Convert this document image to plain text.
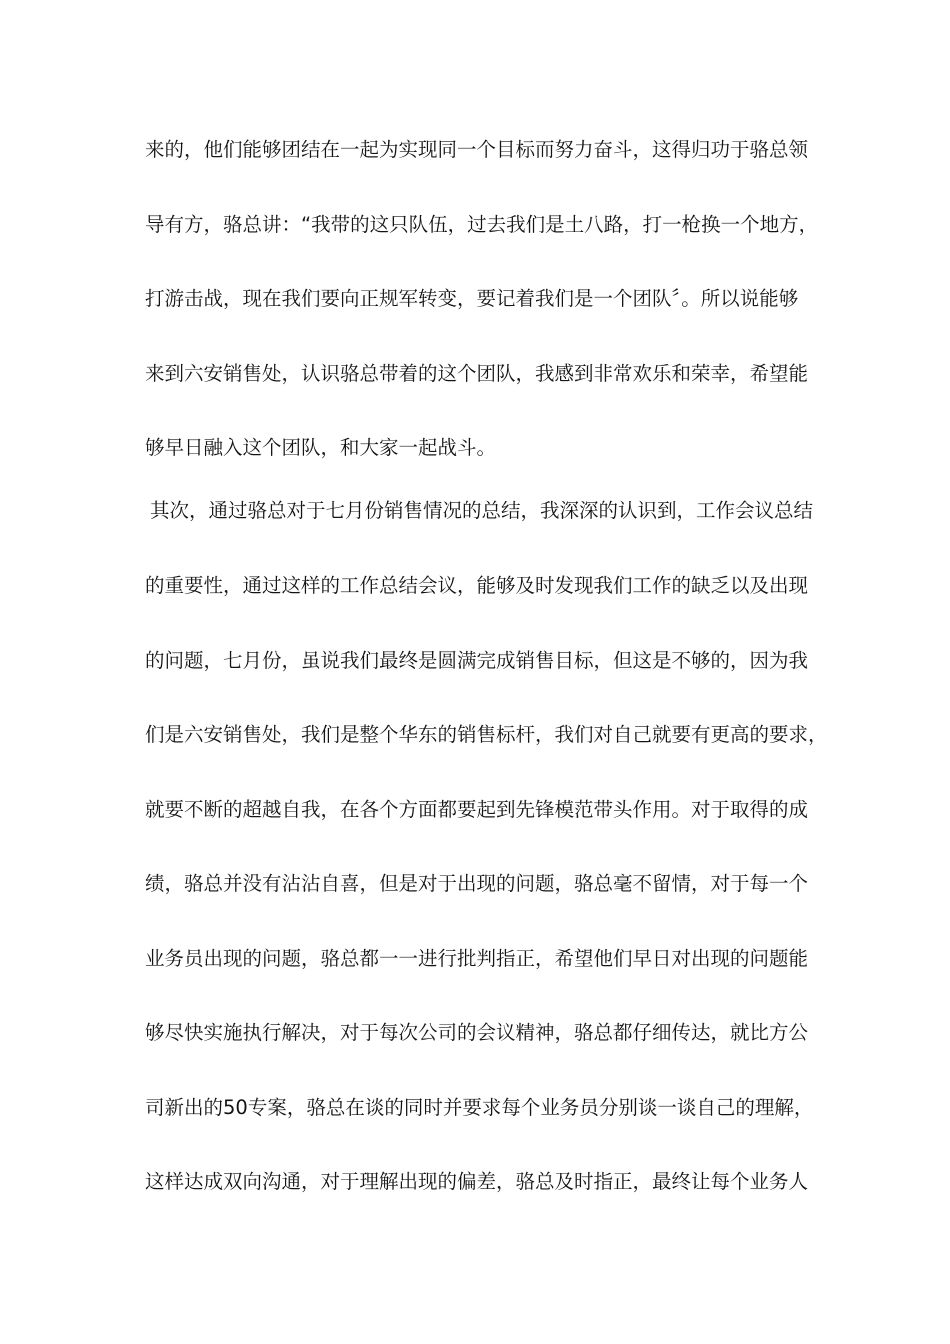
来的，他们能够团结在一起为实现同一个目标而努力奋斗，这得归功于骆总领
导有方，骆总讲：“我带的这只队伍，过去我们是土八路，打一枪换一个地方，
打游击战，现在我们要向正规军转变，要记着我们是一个团队〞。所以说能够
来到六安销售处，认识骆总带着的这个团队，我感到非常欢乐和荣幸，希望能
够早日融入这个团队，和大家一起战斗。
其次，通过骆总对于七月份销售情况的总结，我深深的认识到，工作会议总结
的重要性，通过这样的工作总结会议，能够及时发现我们工作的缺乏以及出现
的问题，七月份，虽说我们最终是圆满完成销售目标，但这是不够的，因为我
们是六安销售处，我们是整个华东的销售标杆，我们对自己就要有更高的要求，
就要不断的超越自我，在各个方面都要起到先锋模范带头作用。对于取得的成
绩，骆总并没有沾沾自喜，但是对于出现的问题，骆总毫不留情，对于每一个
业务员出现的问题，骆总都一一进行批判指正，希望他们早日对出现的问题能
够尽快实施执行解决，对于每次公司的会议精神，骆总都仔细传达，就比方公
司新出的50专案，骆总在谈的同时并要求每个业务员分别谈一谈自己的理解，
这样达成双向沟通，对于理解出现的偏差，骆总及时指正，最终让每个业务人
